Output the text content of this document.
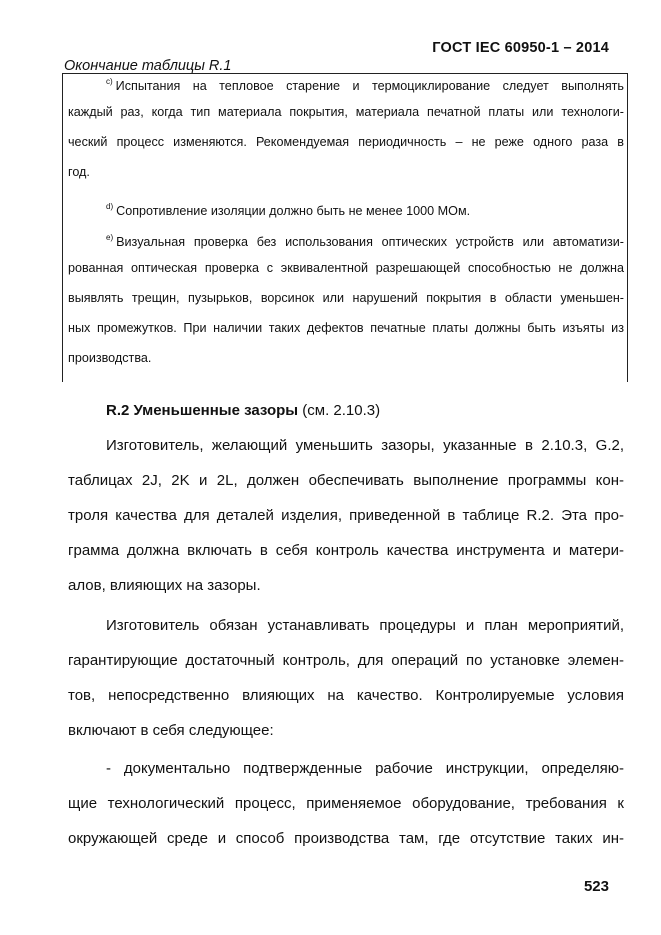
ГОСТ IEC 60950-1 – 2014
Окончание таблицы R.1
$^{c)}$ Испытания на тепловое старение и термоциклирование следует выполнять
каждый раз, когда тип материала покрытия, материала печатной платы или технологи-
ческий процесс изменяются. Рекомендуемая периодичность – не реже одного раза в
год.
$^{d)}$ Сопротивление изоляции должно быть не менее 1000 МОм.
$^{e)}$ Визуальная проверка без использования оптических устройств или автоматизи-
рованная оптическая проверка с эквивалентной разрешающей способностью не должна
выявлять трещин, пузырьков, ворсинок или нарушений покрытия в области уменьшен-
ных промежутков. При наличии таких дефектов печатные платы должны быть изъяты из
производства.
R.2 Уменьшенные зазоры (см. 2.10.3)
Изготовитель, желающий уменьшить зазоры, указанные в 2.10.3, G.2,
таблицах 2J, 2K и 2L, должен обеспечивать выполнение программы кон-
троля качества для деталей изделия, приведенной в таблице R.2. Эта про-
грамма должна включать в себя контроль качества инструмента и матери-
алов, влияющих на зазоры.
Изготовитель обязан устанавливать процедуры и план мероприятий,
гарантирующие достаточный контроль, для операций по установке элемен-
тов, непосредственно влияющих на качество. Контролируемые условия
включают в себя следующее:
- документально подтвержденные рабочие инструкции, определяю-
щие технологический процесс, применяемое оборудование, требования к
окружающей среде и способ производства там, где отсутствие таких ин-
523
